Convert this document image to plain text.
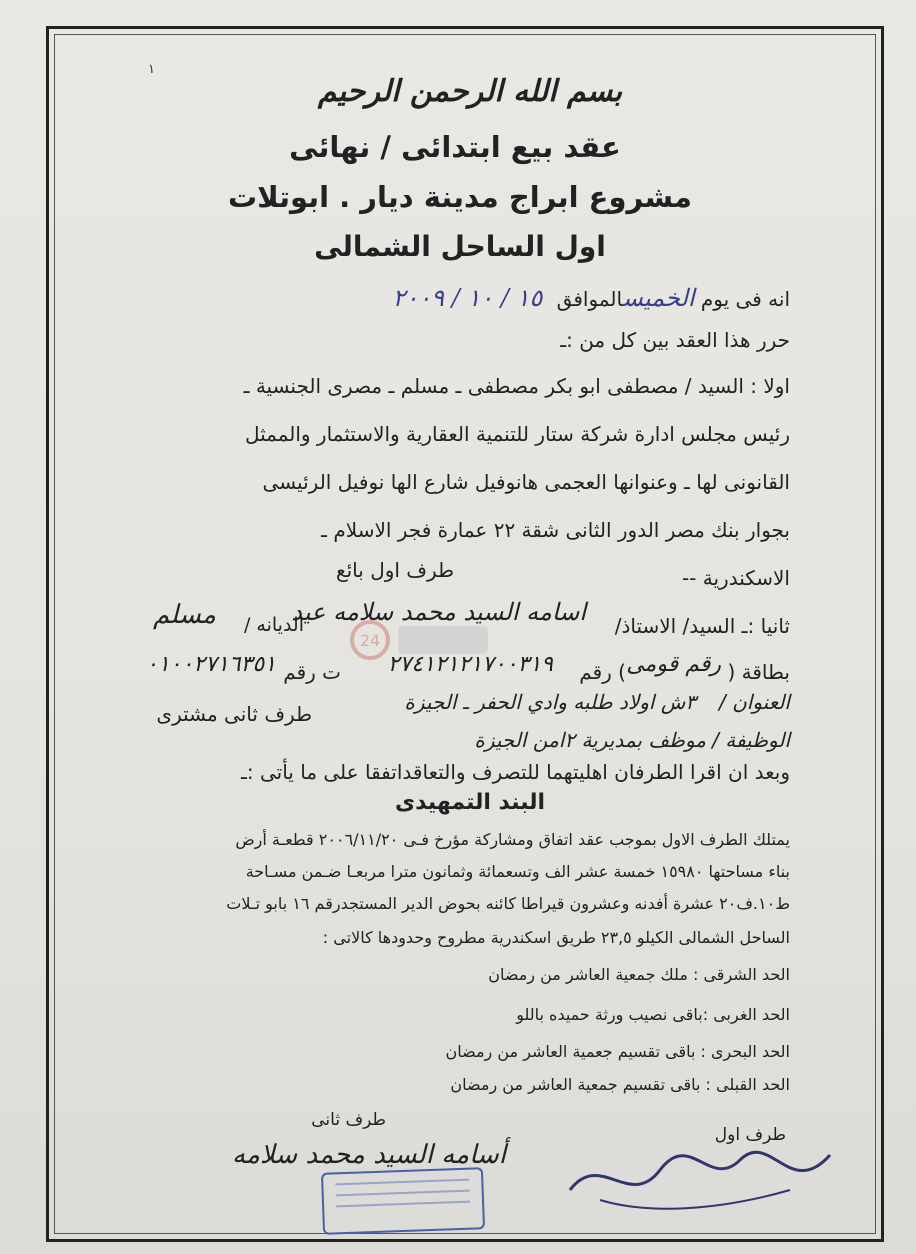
١
بسم الله الرحمن الرحيم
عقد بيع ابتدائى / نهائى
مشروع ابراج مدينة ديار . ابوتلات
اول الساحل الشمالى
انه فى يوم الخميسالموافق ١٥ / ١٠ / ٢٠٠٩
حرر هذا العقد بين كل من :ـ
اولا : السيد / مصطفى ابو بكر مصطفى ـ مسلم ـ مصرى الجنسية ـ
رئيس مجلس ادارة شركة ستار للتنمية العقارية والاستثمار والممثل
القانونى لها ـ وعنوانها العجمى هانوفيل شارع الها نوفيل الرئيسى
بجوار بنك مصر الدور الثانى شقة ٢٢ عمارة فجر الاسلام ـ
الاسكندرية --
طرف اول بائع
24
ثانيا :ـ السيد/ الاستاذ/
اسامه السيد محمد سلامه عيد
الديانه /
مسلم
بطاقة (
رقم قومى
) رقم
٢٧٤١٢١٢١٧٠٠٣١٩
ت رقم
٠١٠٠٢٧١٦٣٥١
العنوان /
٣ش اولاد طلبه وادي الحفر ـ الجيزة
طرف ثانى مشترى
الوظيفة /
موظف بمديرية ٢امن الجيزة
وبعد ان اقرا الطرفان اهليتهما للتصرف والتعاقداتفقا على ما يأتى :ـ
البند التمهيدى
يمتلك الطرف الاول بموجب عقد اتفاق ومشاركة مؤرخ فـى ٢٠٠٦/١١/٢٠ قطعـة أرض
بناء مساحتها ١٥٩٨٠ خمسة عشر الف وتسعمائة وثمانون مترا مربعـا ضـمن مسـاحة
ط١٠.ف٢٠ عشرة أفدنه وعشرون قيراطا كائنه بحوض الدير المستجدرقم ١٦ بابو تـلات
الساحل الشمالى الكيلو ٢٣,٥ طريق اسكندرية مطروح وحدودها كالاتى :
الحد الشرقى : ملك جمعية العاشر من رمضان
الحد الغربى :باقى نصيب ورثة حميده باللو
الحد البحرى : باقى تقسيم جعمية العاشر من رمضان
الحد القبلى : باقى تقسيم جمعية العاشر من رمضان
طرف ثانى
طرف اول
أسامه السيد محمد سلامه
